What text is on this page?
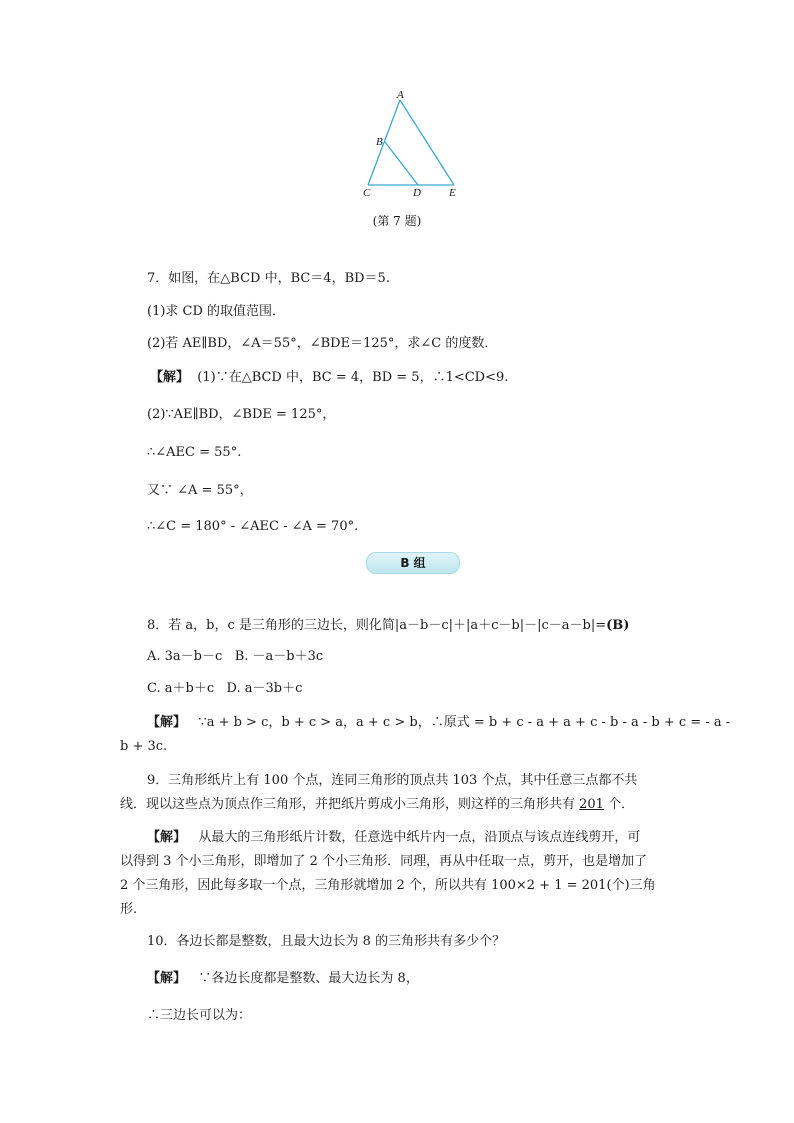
A
B
C	D	E
(第 7 题)
7．如图，在△BCD 中，BC＝4，BD＝5.
(1)求 CD 的取值范围．
(2)若 AE∥BD，∠A＝55°，∠BDE＝125°，求∠C 的度数．
【解】 (1)∵在△BCD 中，BC = 4，BD = 5，∴1<CD<9.
(2)∵AE∥BD，∠BDE = 125°，
∴∠AEC = 55°.
又∵ ∠A = 55°，
∴∠C = 180° - ∠AEC - ∠A = 70°.
B 组
8．若 a，b，c 是三角形的三边长，则化简|a－b－c|＋|a＋c－b|－|c－a－b|=(B)
A. 3a－b－c B. －a－b＋3c
C. a＋b＋c D. a－3b＋c
【解】 ∵a + b > c，b + c > a，a + c > b，∴原式 = b + c - a + a + c - b - a - b + c = - a -
b + 3c.
9．三角形纸片上有 100 个点，连同三角形的顶点共 103 个点，其中任意三点都不共
线．现以这些点为顶点作三角形，并把纸片剪成小三角形，则这样的三角形共有 201 个．
【解】 从最大的三角形纸片计数，任意选中纸片内一点，沿顶点与该点连线剪开，可
以得到 3 个小三角形，即增加了 2 个小三角形．同理，再从中任取一点，剪开，也是增加了
2 个三角形，因此每多取一个点，三角形就增加 2 个，所以共有 100×2 + 1 = 201(个)三角
形.
10．各边长都是整数，且最大边长为 8 的三角形共有多少个？
【解】 ∵各边长度都是整数、最大边长为 8，
∴三边长可以为：
